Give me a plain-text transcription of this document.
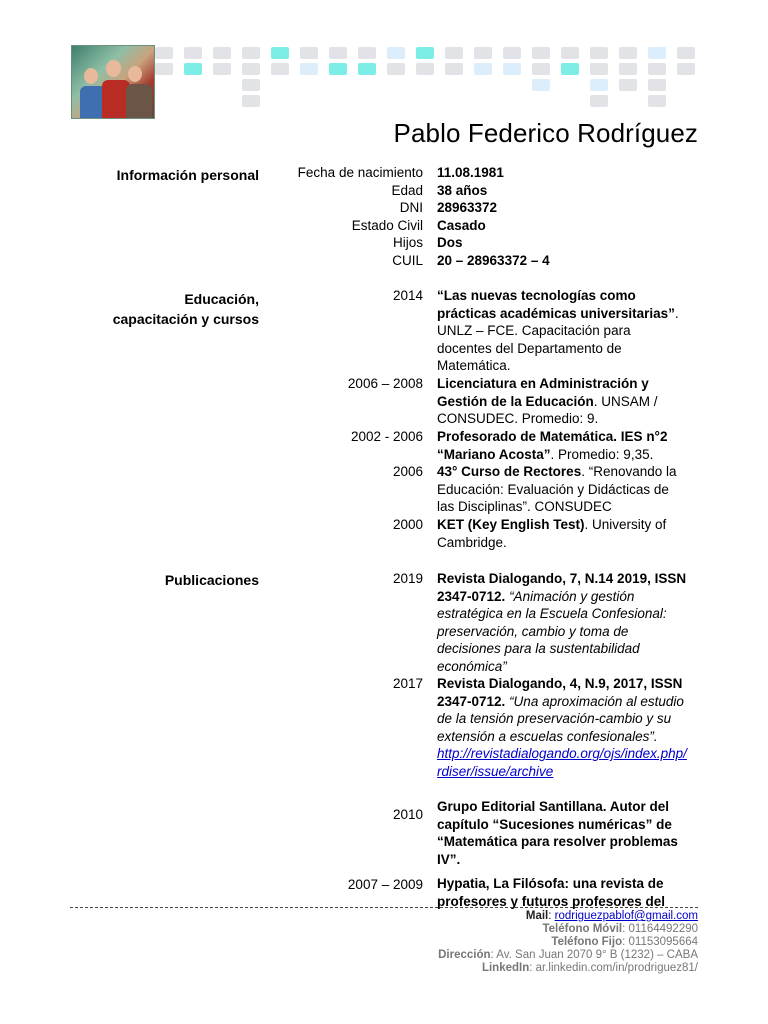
Pablo Federico Rodríguez
Información personal	Fecha de nacimiento 11.08.1981
Edad 38 años
DNI 28963372
Estado Civil Casado
Hijos Dos
CUIL 20 – 28963372 – 4
Educación,
capacitación y cursos
2014 “Las nuevas tecnologías como prácticas académicas universitarias”. UNLZ – FCE. Capacitación para docentes del Departamento de Matemática.
2006 – 2008 Licenciatura en Administración y Gestión de la Educación. UNSAM / CONSUDEC. Promedio: 9.
2002 - 2006 Profesorado de Matemática. IES n°2 “Mariano Acosta”. Promedio: 9,35.
2006 43° Curso de Rectores. “Renovando la Educación: Evaluación y Didácticas de las Disciplinas”. CONSUDEC
2000 KET (Key English Test). University of Cambridge.
Publicaciones	2019 Revista Dialogando, 7, N.14 2019, ISSN 2347-0712. “Animación y gestión estratégica en la Escuela Confesional: preservación, cambio y toma de decisiones para la sustentabilidad económica”
2017 Revista Dialogando, 4, N.9, 2017, ISSN 2347-0712. “Una aproximación al estudio de la tensión preservación-cambio y su extensión a escuelas confesionales”.
http://revistadialogando.org/ojs/index.php/rdiser/issue/archive
2010
Grupo Editorial Santillana. Autor del capítulo “Sucesiones numéricas” de “Matemática para resolver problemas IV”.
2007 – 2009 Hypatia, La Filósofa: una revista de profesores y futuros profesores del
Mail: rodriguezpablof@gmail.com
Teléfono Móvil: 01164492290
Teléfono Fijo: 01153095664
Dirección: Av. San Juan 2070 9° B (1232) – CABA
LinkedIn: ar.linkedin.com/in/prodriguez81/
